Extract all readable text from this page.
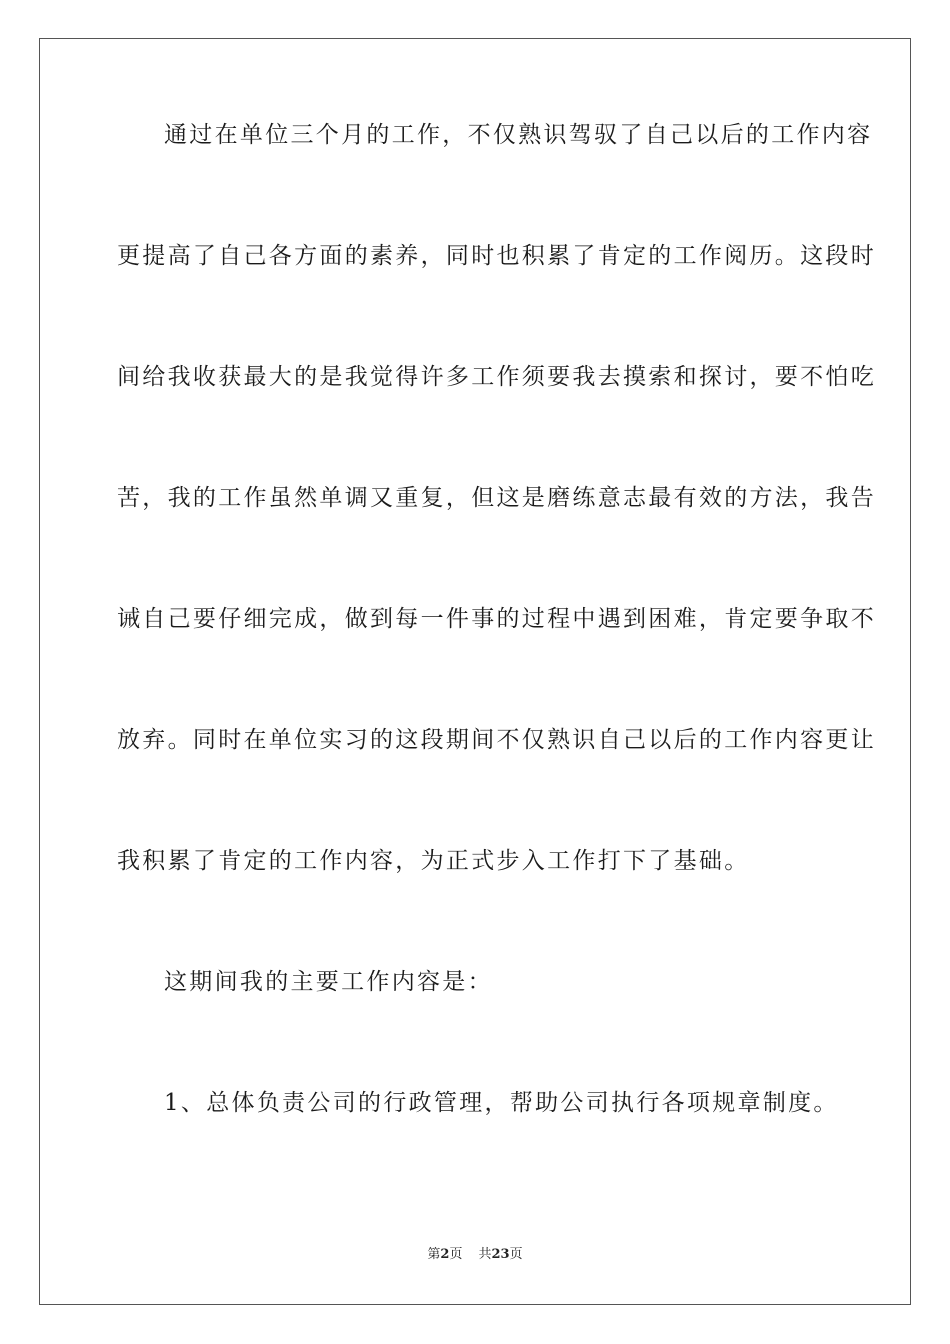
通过在单位三个月的工作，不仅熟识驾驭了自己以后的工作内容
更提高了自己各方面的素养，同时也积累了肯定的工作阅历。这段时
间给我收获最大的是我觉得许多工作须要我去摸索和探讨，要不怕吃
苦，我的工作虽然单调又重复，但这是磨练意志最有效的方法，我告
诫自己要仔细完成，做到每一件事的过程中遇到困难，肯定要争取不
放弃。同时在单位实习的这段期间不仅熟识自己以后的工作内容更让
我积累了肯定的工作内容，为正式步入工作打下了基础。
这期间我的主要工作内容是：
1、总体负责公司的行政管理，帮助公司执行各项规章制度。
第2页 共23页
